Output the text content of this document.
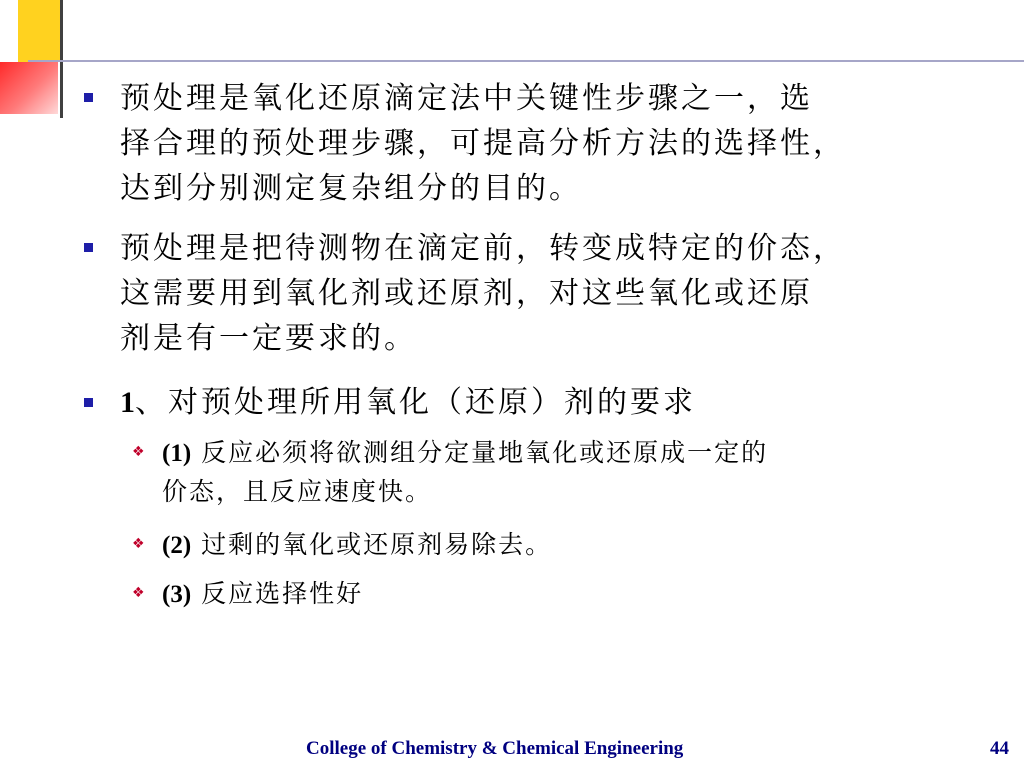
预处理是氧化还原滴定法中关键性步骤之一，选
择合理的预处理步骤，可提高分析方法的选择性，
达到分别测定复杂组分的目的。
预处理是把待测物在滴定前，转变成特定的价态，
这需要用到氧化剂或还原剂，对这些氧化或还原
剂是有一定要求的。
1、对预处理所用氧化（还原）剂的要求
❖ (1) 反应必须将欲测组分定量地氧化或还原成一定的
价态，且反应速度快。
❖ (2) 过剩的氧化或还原剂易除去。
❖ (3) 反应选择性好
College of Chemistry & Chemical Engineering	44
